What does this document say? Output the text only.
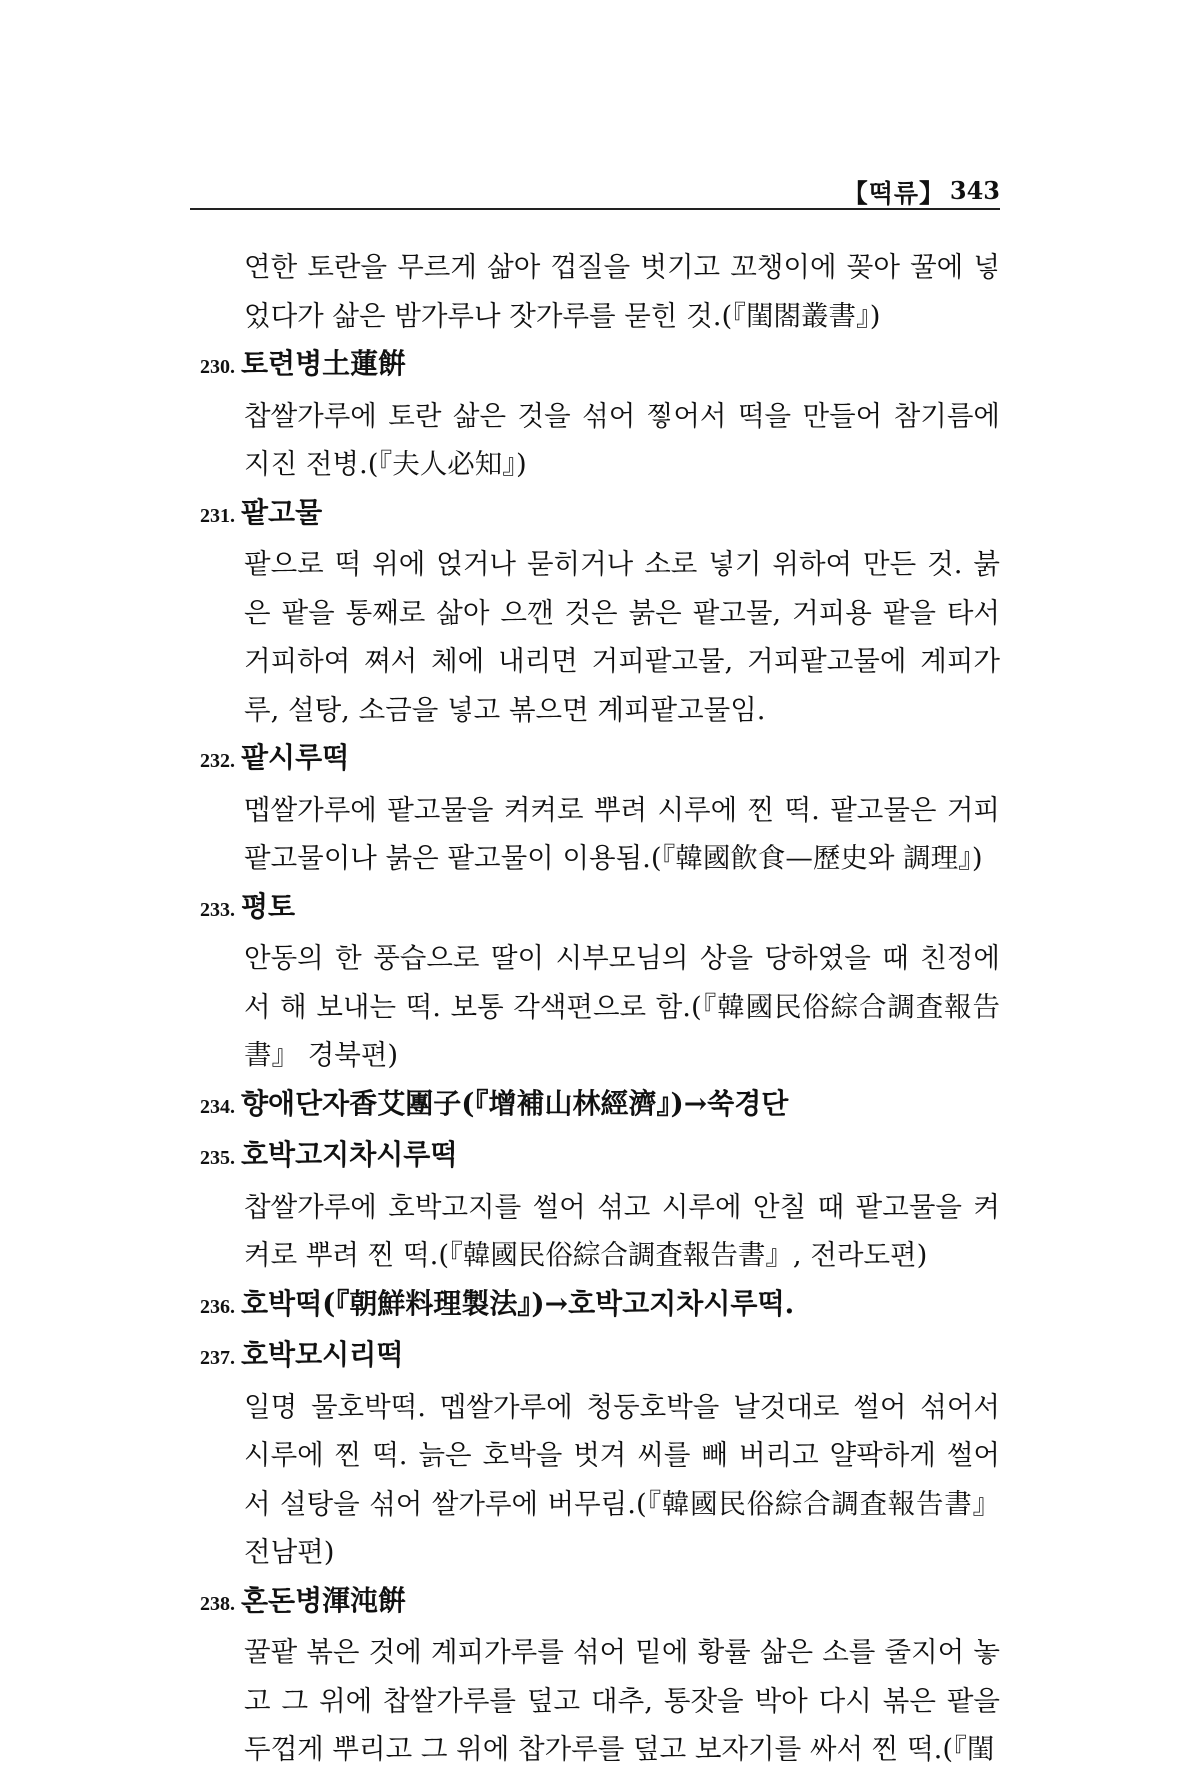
【떡류】 343
연한 토란을 무르게 삶아 껍질을 벗기고 꼬챙이에 꽂아 꿀에 넣었다가 삶은 밤가루나 잣가루를 묻힌 것.(『閨閤叢書』)
230. 토련병土蓮餠
찹쌀가루에 토란 삶은 것을 섞어 찧어서 떡을 만들어 참기름에 지진 전병.(『夫人必知』)
231. 팥고물
팥으로 떡 위에 얹거나 묻히거나 소로 넣기 위하여 만든 것. 붉은 팥을 통째로 삶아 으깬 것은 붉은 팥고물, 거피용 팥을 타서 거피하여 쪄서 체에 내리면 거피팥고물, 거피팥고물에 계피가루, 설탕, 소금을 넣고 볶으면 계피팥고물임.
232. 팥시루떡
멥쌀가루에 팥고물을 켜켜로 뿌려 시루에 찐 떡. 팥고물은 거피팥고물이나 붉은 팥고물이 이용됨.(『韓國飮食—歷史와 調理』)
233. 평토
안동의 한 풍습으로 딸이 시부모님의 상을 당하였을 때 친정에서 해 보내는 떡. 보통 각색편으로 함.(『韓國民俗綜合調査報告書』 경북편)
234. 향애단자香艾團子(『增補山林經濟』)→쑥경단
235. 호박고지차시루떡
찹쌀가루에 호박고지를 썰어 섞고 시루에 안칠 때 팥고물을 켜켜로 뿌려 찐 떡.(『韓國民俗綜合調査報告書』, 전라도편)
236. 호박떡(『朝鮮料理製法』)→호박고지차시루떡.
237. 호박모시리떡
일명 물호박떡. 멥쌀가루에 청둥호박을 날것대로 썰어 섞어서 시루에 찐 떡. 늙은 호박을 벗겨 씨를 빼 버리고 얄팍하게 썰어서 설탕을 섞어 쌀가루에 버무림.(『韓國民俗綜合調査報告書』 전남편)
238. 혼돈병渾沌餠
꿀팥 볶은 것에 계피가루를 섞어 밑에 황률 삶은 소를 줄지어 놓고 그 위에 찹쌀가루를 덮고 대추, 통잣을 박아 다시 볶은 팥을 두껍게 뿌리고 그 위에 찹가루를 덮고 보자기를 싸서 찐 떡.(『閨
